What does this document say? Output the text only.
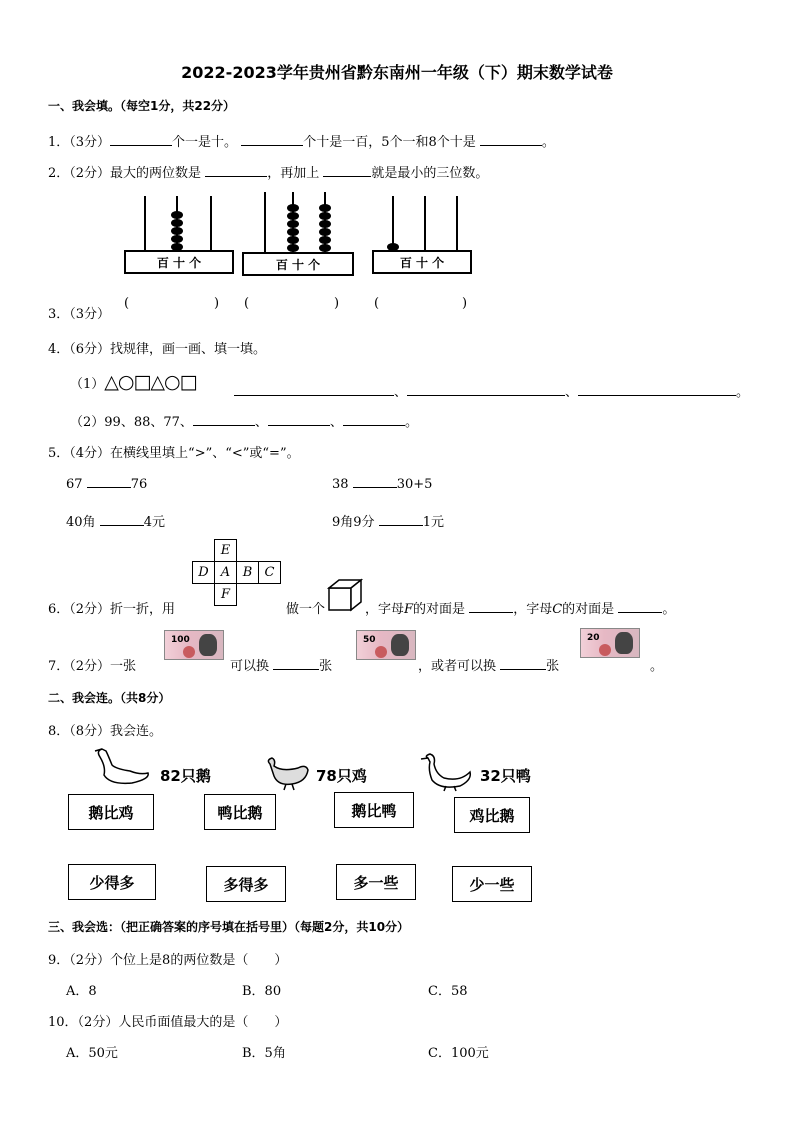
2022-2023学年贵州省黔东南州一年级（下）期末数学试卷
一、我会填。（每空1分，共22分）
1．（3分）	个一是十。	个十是一百，5个一和8个十是	。
2．（2分）最大的两位数是	，再加上	就是最小的三位数。
百 十 个	百 十 个	百 十 个
3．（3分）
(	) (	)	(	)
4．（6分）找规律，画一画、填一填。
（1）△○□△○□	、	、	。
（2）99、88、77、	、	、	。
5．（4分）在横线里填上“>”、“<”或“=”。
67	76	38	30+5
40角	4元	9角9分	1元
	E		
D	A	B	C
	F		
6．（2分）折一折，用	做一个	，字母F的对面是	，字母C的对面是	。
7．（2分）一张
100
可以换	张
50
，或者可以换	张
20
。
二、我会连。（共8分）
8．（8分）我会连。
82只鹅	78只鸡	32只鸭
鹅比鸡	鸭比鹅	鹅比鸭	鸡比鹅
少得多	多得多	多一些	少一些
三、我会选：（把正确答案的序号填在括号里）（每题2分，共10分）
9．（2分）个位上是8的两位数是（　　）
A．8	B．80	C．58
10．（2分）人民币面值最大的是（　　）
A．50元	B．5角	C．100元
